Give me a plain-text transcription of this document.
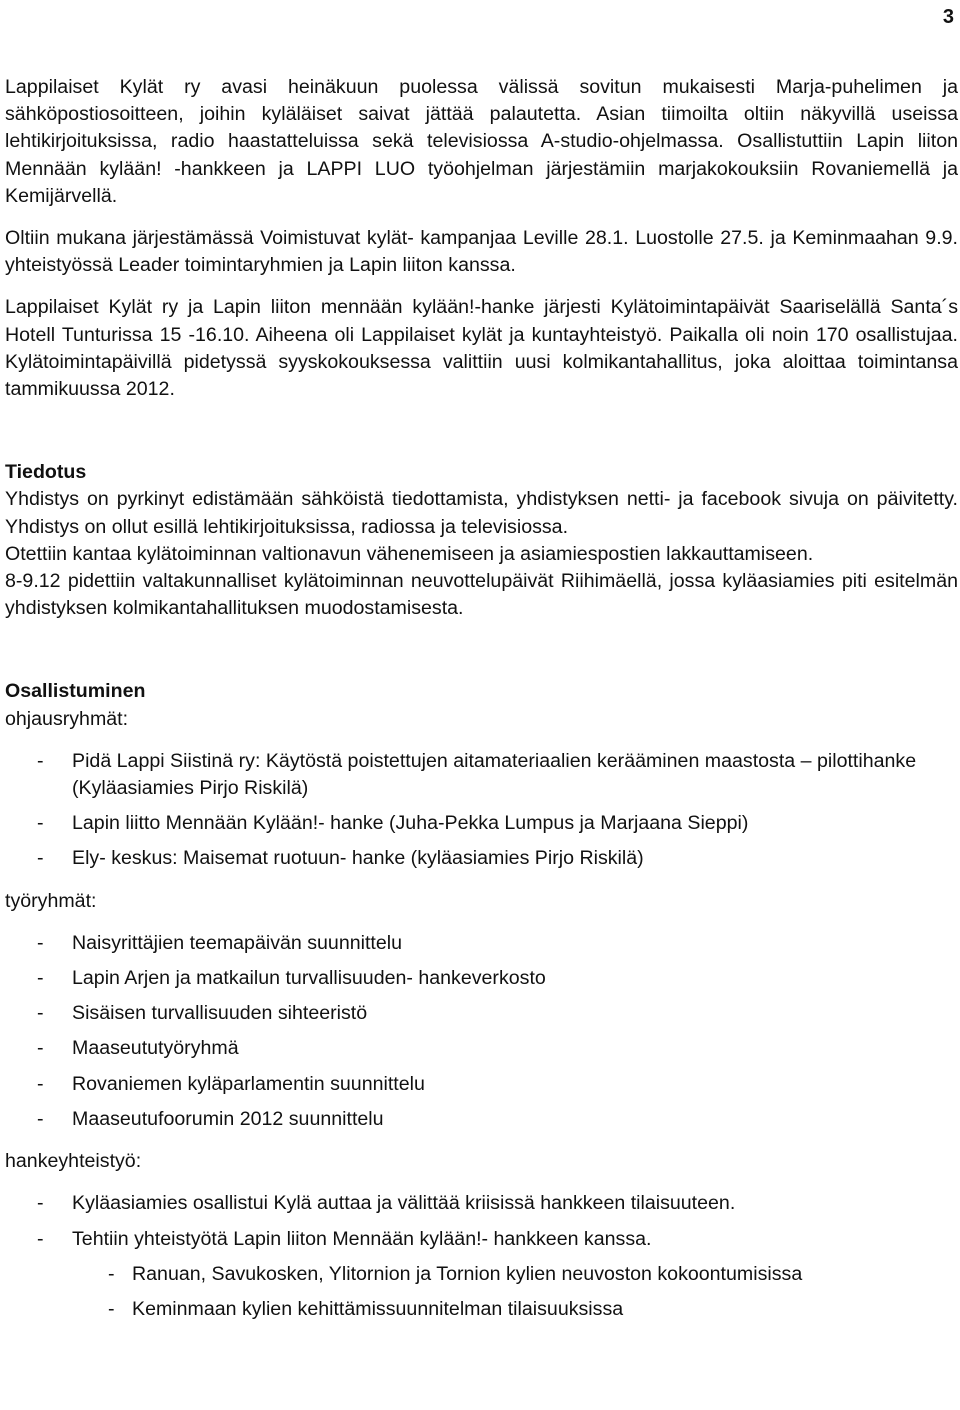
3

Lappilaiset Kylät ry avasi heinäkuun puolessa välissä sovitun mukaisesti Marja-puhelimen ja sähköpostiosoitteen, joihin kyläläiset saivat jättää palautetta. Asian tiimoilta oltiin näkyvillä useissa lehtikirjoituksissa, radio haastatteluissa sekä televisiossa A-studio-ohjelmassa. Osallistuttiin Lapin liiton Mennään kylään! -hankkeen ja LAPPI LUO työohjelman järjestämiin marjakokouksiin Rovaniemellä ja Kemijärvellä.

Oltiin mukana järjestämässä Voimistuvat kylät- kampanjaa Leville 28.1. Luostolle 27.5. ja Keminmaahan 9.9. yhteistyössä Leader toimintaryhmien ja Lapin liiton kanssa.

Lappilaiset Kylät ry ja Lapin liiton mennään kylään!-hanke järjesti Kylätoimintapäivät Saariselällä Santa´s Hotell Tunturissa 15 -16.10. Aiheena oli Lappilaiset kylät ja kuntayhteistyö. Paikalla oli noin 170 osallistujaa. Kylätoimintapäivillä pidetyssä syyskokouksessa valittiin uusi kolmikantahallitus, joka aloittaa toimintansa tammikuussa 2012.

Tiedotus

Yhdistys on pyrkinyt edistämään sähköistä tiedottamista, yhdistyksen netti- ja facebook sivuja on päivitetty. Yhdistys on ollut esillä lehtikirjoituksissa, radiossa ja televisiossa.

Otettiin kantaa kylätoiminnan valtionavun vähenemiseen ja asiamiespostien lakkauttamiseen.

8-9.12 pidettiin valtakunnalliset kylätoiminnan neuvottelupäivät Riihimäellä, jossa kyläasiamies piti esitelmän yhdistyksen kolmikantahallituksen muodostamisesta.

Osallistuminen
ohjausryhmät:
- Pidä Lappi Siistinä ry: Käytöstä poistettujen aitamateriaalien kerääminen maastosta – pilottihanke (Kyläasiamies Pirjo Riskilä)
- Lapin liitto Mennään Kylään!- hanke (Juha-Pekka Lumpus ja Marjaana Sieppi)
- Ely- keskus: Maisemat ruotuun- hanke (kyläasiamies Pirjo Riskilä)
työryhmät:
- Naisyrittäjien teemapäivän suunnittelu
- Lapin Arjen ja matkailun turvallisuuden- hankeverkosto
- Sisäisen turvallisuuden sihteeristö
- Maaseututyöryhmä
- Rovaniemen kyläparlamentin suunnittelu
- Maaseutufoorumin 2012 suunnittelu
hankeyhteistyö:
- Kyläasiamies osallistui Kylä auttaa ja välittää kriisissä hankkeen tilaisuuteen.
- Tehtiin yhteistyötä Lapin liiton Mennään kylään!- hankkeen kanssa.
- Ranuan, Savukosken, Ylitornion ja Tornion kylien neuvoston kokoontumisissa
- Keminmaan kylien kehittämissuunnitelman tilaisuuksissa
